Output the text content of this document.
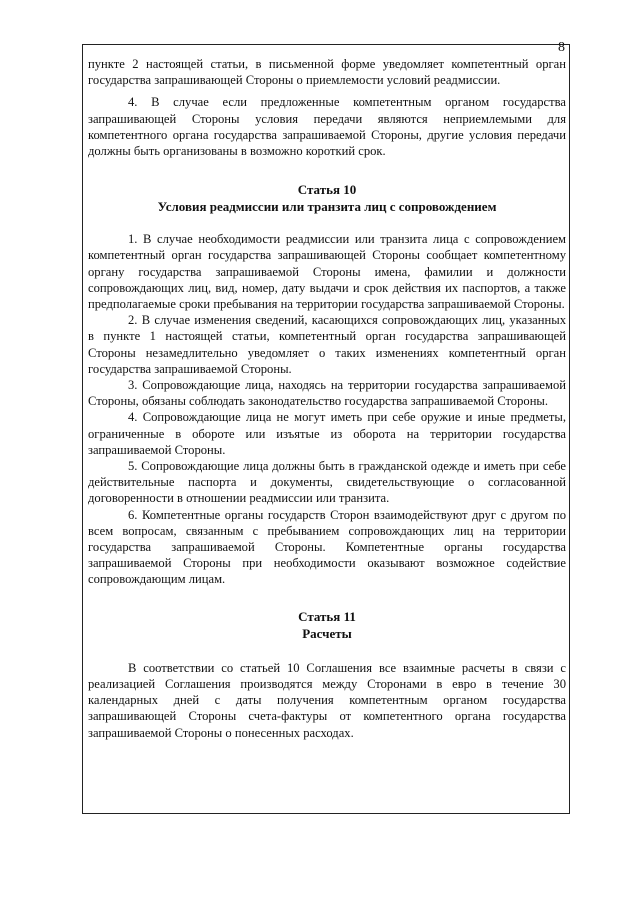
8

пункте 2 настоящей статьи, в письменной форме уведомляет компетентный орган государства запрашивающей Стороны о приемлемости условий реадмиссии.

4. В случае если предложенные компетентным органом государства запрашивающей Стороны условия передачи являются неприемлемыми для компетентного органа государства запрашиваемой Стороны, другие условия передачи должны быть организованы в возможно короткий срок.

Статья 10

Условия реадмиссии или транзита лиц с сопровождением

1. В случае необходимости реадмиссии или транзита лица с сопровождением компетентный орган государства запрашивающей Стороны сообщает компетентному органу государства запрашиваемой Стороны имена, фамилии и должности сопровождающих лиц, вид, номер, дату выдачи и срок действия их паспортов, а также предполагаемые сроки пребывания на территории государства запрашиваемой Стороны.

2. В случае изменения сведений, касающихся сопровождающих лиц, указанных в пункте 1 настоящей статьи, компетентный орган государства запрашивающей Стороны незамедлительно уведомляет о таких изменениях компетентный орган государства запрашиваемой Стороны.

3. Сопровождающие лица, находясь на территории государства запрашиваемой Стороны, обязаны соблюдать законодательство государства запрашиваемой Стороны.

4. Сопровождающие лица не могут иметь при себе оружие и иные предметы, ограниченные в обороте или изъятые из оборота на территории государства запрашиваемой Стороны.

5. Сопровождающие лица должны быть в гражданской одежде и иметь при себе действительные паспорта и документы, свидетельствующие о согласованной договоренности в отношении реадмиссии или транзита.

6. Компетентные органы государств Сторон взаимодействуют друг с другом по всем вопросам, связанным с пребыванием сопровождающих лиц на территории государства запрашиваемой Стороны. Компетентные органы государства запрашиваемой Стороны при необходимости оказывают возможное содействие сопровождающим лицам.

Статья 11

Расчеты

В соответствии со статьей 10 Соглашения все взаимные расчеты в связи с реализацией Соглашения производятся между Сторонами в евро в течение 30 календарных дней с даты получения компетентным органом государства запрашивающей Стороны счета-фактуры от компетентного органа государства запрашиваемой Стороны о понесенных расходах.
